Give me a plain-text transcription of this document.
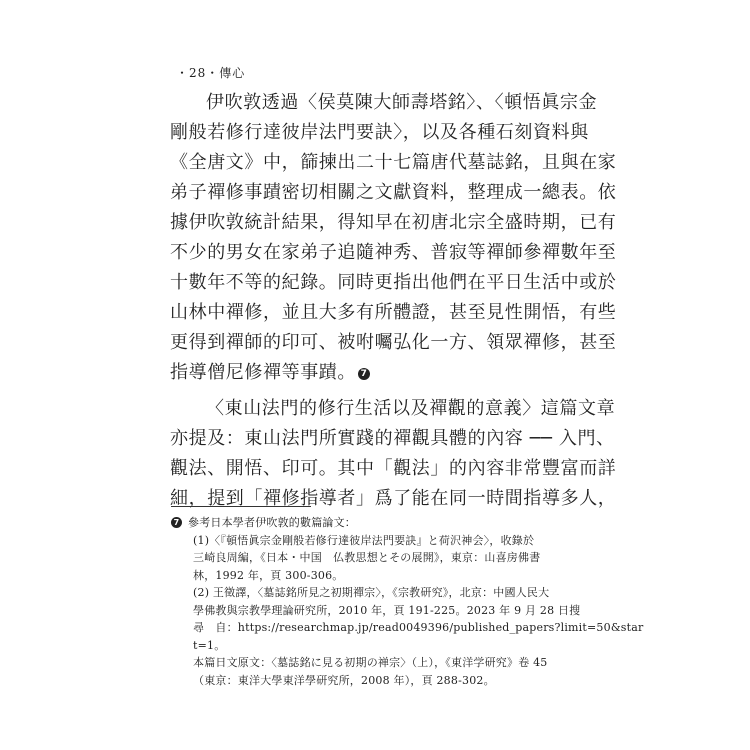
・28・傳心
伊吹敦透過〈侯莫陳大師壽塔銘〉、〈頓悟眞宗金
剛般若修行達彼岸法門要訣〉，以及各種石刻資料與
《全唐文》中，篩揀出二十七篇唐代墓誌銘，且與在家
弟子禪修事蹟密切相關之文獻資料，整理成一總表。依
據伊吹敦統計結果，得知早在初唐北宗全盛時期，已有
不少的男女在家弟子追隨神秀、普寂等禪師參禪數年至
十數年不等的紀錄。同時更指出他們在平日生活中或於
山林中禪修，並且大多有所體證，甚至見性開悟，有些
更得到禪師的印可、被咐囑弘化一方、領眾禪修，甚至
指導僧尼修禪等事蹟。 7
〈東山法門的修行生活以及禪觀的意義〉這篇文章
亦提及：東山法門所實踐的禪觀具體的內容 ── 入門、
觀法、開悟、印可。其中「觀法」的內容非常豐富而詳
細，提到「禪修指導者」爲了能在同一時間指導多人，
7 參考日本學者伊吹敦的數篇論文：
(1)〈『頓悟眞宗金剛般若修行達彼岸法門要訣』と荷沢神会〉，收錄於
三崎良周編，《日本・中国　仏教思想とその展開》，東京：山喜房佛書
林，1992 年，頁 300-306。
(2) 王徵譯，〈墓誌銘所見之初期禪宗〉，《宗教研究》，北京：中國人民大
學佛教與宗教學理論研究所，2010 年，頁 191-225。2023 年 9 月 28 日搜
尋　自：https://researchmap.jp/read0049396/published_papers?limit=50&star
t=1。
本篇日文原文：〈墓誌銘に見る初期の禅宗〉（上），《東洋学研究》卷 45
（東京：東洋大學東洋學研究所，2008 年），頁 288-302。
